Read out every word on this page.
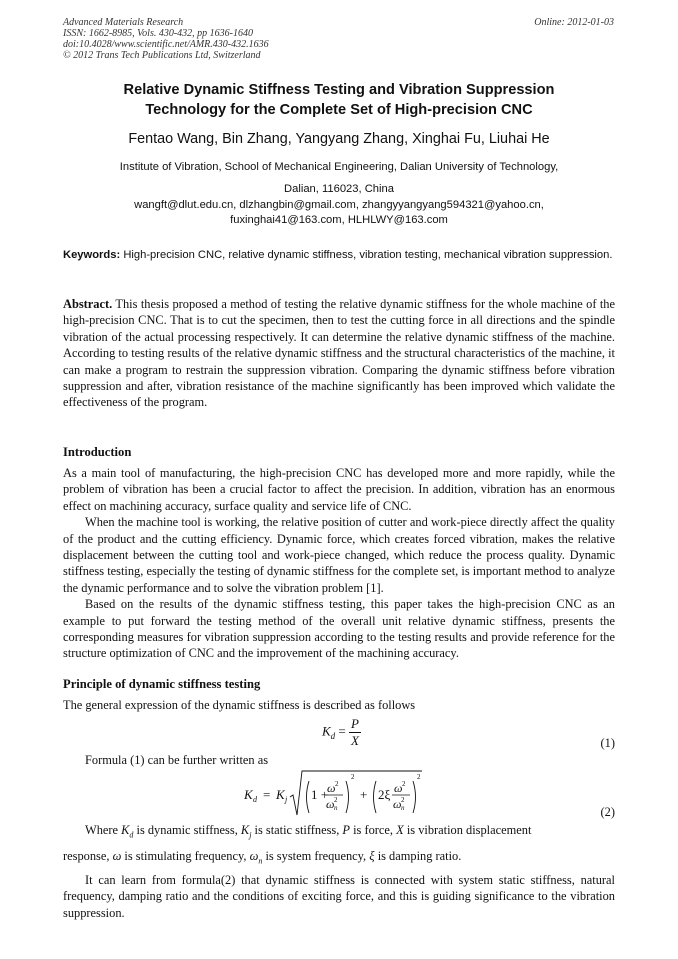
Advanced Materials Research
ISSN: 1662-8985, Vols. 430-432, pp 1636-1640
doi:10.4028/www.scientific.net/AMR.430-432.1636
© 2012 Trans Tech Publications Ltd, Switzerland
Online: 2012-01-03
Relative Dynamic Stiffness Testing and Vibration Suppression
Technology for the Complete Set of High-precision CNC
Fentao Wang, Bin Zhang, Yangyang Zhang, Xinghai Fu, Liuhai He
Institute of Vibration, School of Mechanical Engineering, Dalian University of Technology,
Dalian, 116023, China
wangft@dlut.edu.cn, dlzhangbin@gmail.com, zhangyyangyang594321@yahoo.cn,
fuxinghai41@163.com, HLHLWY@163.com
Keywords: High-precision CNC, relative dynamic stiffness, vibration testing, mechanical vibration suppression.
Abstract. This thesis proposed a method of testing the relative dynamic stiffness for the whole machine of the high-precision CNC. That is to cut the specimen, then to test the cutting force in all directions and the spindle vibration of the actual processing respectively. It can determine the relative dynamic stiffness of the machine. According to testing results of the relative dynamic stiffness and the structural characteristics of the machine, it can make a program to restrain the suppression vibration. Comparing the dynamic stiffness before vibration suppression and after, vibration resistance of the machine significantly has been improved which validate the effectiveness of the program.
Introduction

As a main tool of manufacturing, the high-precision CNC has developed more and more rapidly, while the problem of vibration has been a crucial factor to affect the precision. In addition, vibration has an enormous effect on machining accuracy, surface quality and service life of CNC.

When the machine tool is working, the relative position of cutter and work-piece directly affect the quality of the product and the cutting efficiency. Dynamic force, which creates forced vibration, makes the relative displacement between the cutting tool and work-piece changed, which reduce the process quality. Dynamic stiffness testing, especially the testing of dynamic stiffness for the complete set, is important method to analyze the dynamic performance and to solve the vibration problem [1].

Based on the results of the dynamic stiffness testing, this paper takes the high-precision CNC as an example to put forward the testing method of the overall unit relative dynamic stiffness, presents the corresponding measures for vibration suppression according to the testing results and provide reference for the structure optimization of CNC and the improvement of the machining accuracy.

Principle of dynamic stiffness testing

The general expression of the dynamic stiffness is described as follows

$K_d = \frac{P}{X}$	(1)
Formula (1) can be further written as
K d = K j 1 +
ω 2
ω n
2
2
+ 2ξ ω 2
ω n
2
2
(2)

Where $K_d$ is dynamic stiffness, $K_j$ is static stiffness, P is force, X is vibration displacement

response, ω is stimulating frequency, $\omega_n$ is system frequency, ξ is damping ratio.

It can learn from formula(2) that dynamic stiffness is connected with system static stiffness, natural frequency, damping ratio and the conditions of exciting force, and this is guiding significance to the vibration suppression.
